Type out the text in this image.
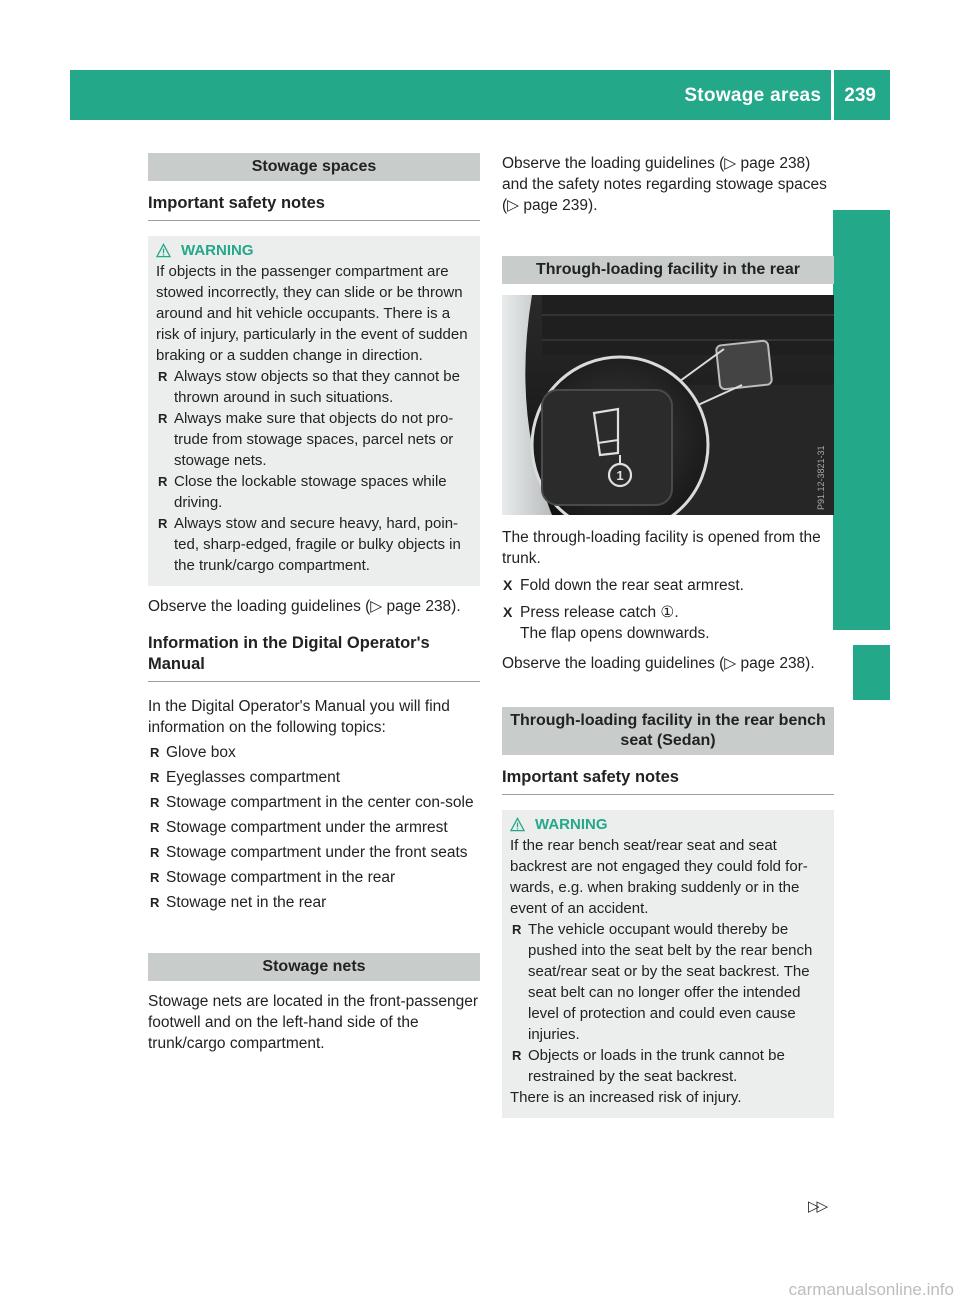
Stowage areas	239
Stowage and features
Stowage spaces
Important safety notes
WARNING
If objects in the passenger compartment are stowed incorrectly, they can slide or be thrown around and hit vehicle occupants. There is a risk of injury, particularly in the event of sudden braking or a sudden change in direction.
R Always stow objects so that they cannot be thrown around in such situations.
R Always make sure that objects do not pro-trude from stowage spaces, parcel nets or stowage nets.
R Close the lockable stowage spaces while driving.
R Always stow and secure heavy, hard, poin-ted, sharp-edged, fragile or bulky objects in the trunk/cargo compartment.

Observe the loading guidelines (▷ page 238).

Information in the Digital Operator's Manual

In the Digital Operator's Manual you will find information on the following topics:

R Glove box
R Eyeglasses compartment
R Stowage compartment in the center con-sole
R Stowage compartment under the armrest
R Stowage compartment under the front seats
R Stowage compartment in the rear
R Stowage net in the rear
Stowage nets

Stowage nets are located in the front-passenger footwell and on the left-hand side of the trunk/cargo compartment.

Observe the loading guidelines (▷ page 238) and the safety notes regarding stowage spaces (▷ page 239).

Through-loading facility in the rear
1	P91.12-3821-31

The through-loading facility is opened from the trunk.

X Fold down the rear seat armrest.
X Press release catch ①.
The flap opens downwards.

Observe the loading guidelines (▷ page 238).

Through-loading facility in the rear bench seat (Sedan)
Important safety notes
WARNING
If the rear bench seat/rear seat and seat backrest are not engaged they could fold for-wards, e.g. when braking suddenly or in the event of an accident.
R The vehicle occupant would thereby be pushed into the seat belt by the rear bench seat/rear seat or by the seat backrest. The seat belt can no longer offer the intended level of protection and could even cause injuries.
R Objects or loads in the trunk cannot be restrained by the seat backrest.
There is an increased risk of injury.
▷▷
carmanualsonline.info
